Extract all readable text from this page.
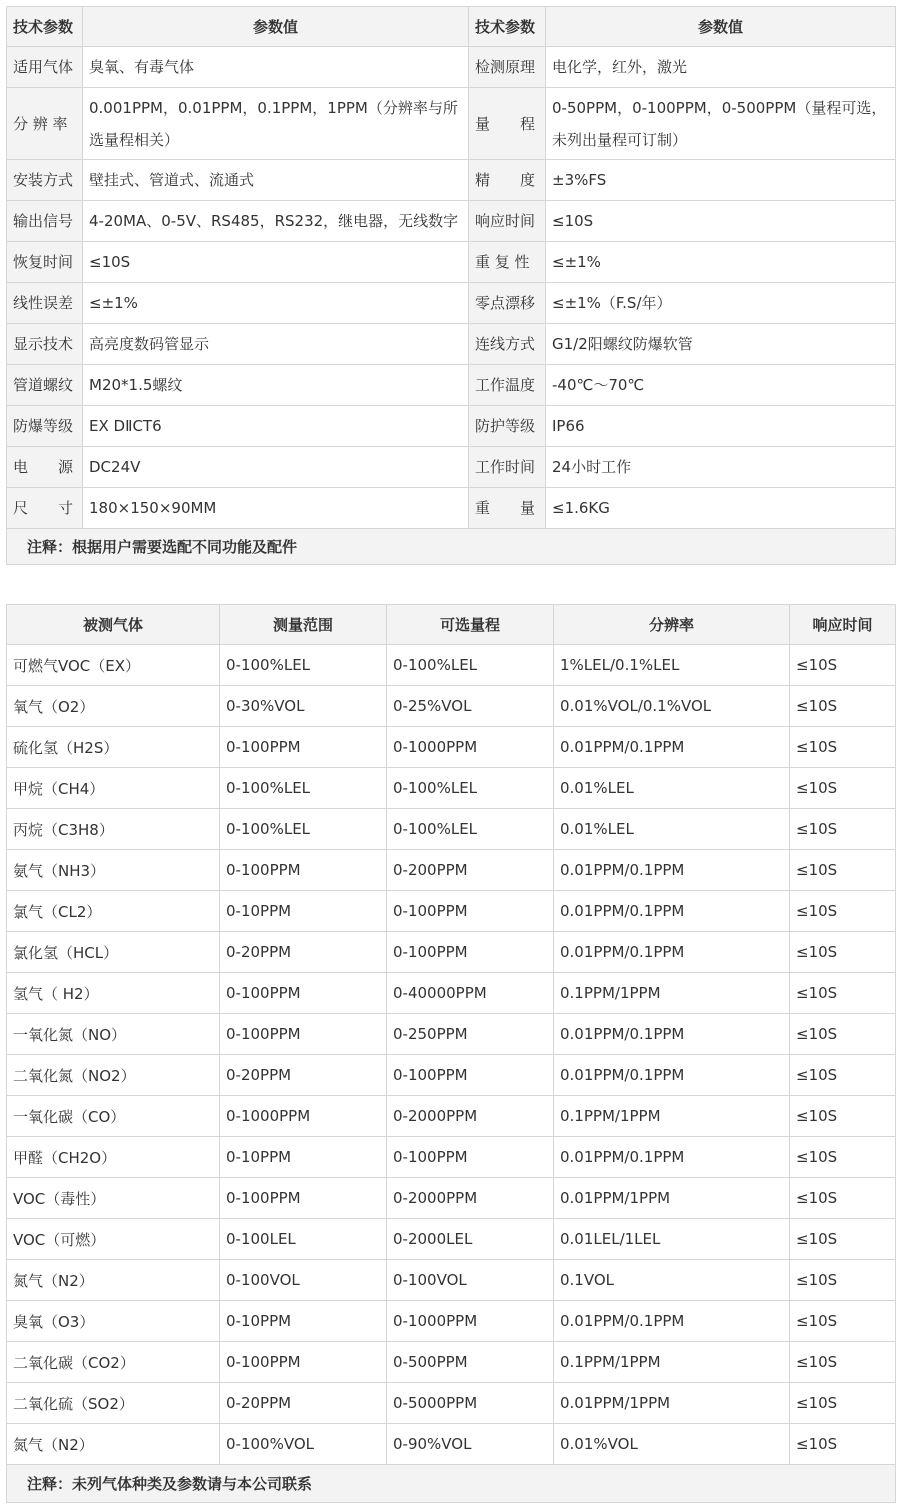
技术参数	参数值	技术参数	参数值
适用气体	臭氧、有毒气体	检测原理	电化学，红外，激光
分 辨 率	0.001PPM，0.01PPM，0.1PPM，1PPM（分辨率与所选量程相关）	量　　程	0-50PPM，0-100PPM，0-500PPM（量程可选，未列出量程可订制）
安装方式	壁挂式、管道式、流通式	精　　度	±3%FS
输出信号	4-20MA、0-5V、RS485，RS232，继电器，无线数字	响应时间	≤10S
恢复时间	≤10S	重 复 性	≤±1%
线性误差	≤±1%	零点漂移	≤±1%（F.S/年）
显示技术	高亮度数码管显示	连线方式	G1/2阳螺纹防爆软管
管道螺纹	M20*1.5螺纹	工作温度	-40℃～70℃
防爆等级	EX DⅡCT6	防护等级	IP66
电　　源	DC24V	工作时间	24小时工作
尺　　寸	180×150×90MM	重　　量	≤1.6KG
注释：根据用户需要选配不同功能及配件			
被测气体	测量范围	可选量程	分辨率	响应时间
可燃气VOC（EX）	0-100%LEL	0-100%LEL	1%LEL/0.1%LEL	≤10S
氧气（O2）	0-30%VOL	0-25%VOL	0.01%VOL/0.1%VOL	≤10S
硫化氢（H2S）	0-100PPM	0-1000PPM	0.01PPM/0.1PPM	≤10S
甲烷（CH4）	0-100%LEL	0-100%LEL	0.01%LEL	≤10S
丙烷（C3H8）	0-100%LEL	0-100%LEL	0.01%LEL	≤10S
氨气（NH3）	0-100PPM	0-200PPM	0.01PPM/0.1PPM	≤10S
氯气（CL2）	0-10PPM	0-100PPM	0.01PPM/0.1PPM	≤10S
氯化氢（HCL）	0-20PPM	0-100PPM	0.01PPM/0.1PPM	≤10S
氢气（ H2）	0-100PPM	0-40000PPM	0.1PPM/1PPM	≤10S
一氧化氮（NO）	0-100PPM	0-250PPM	0.01PPM/0.1PPM	≤10S
二氧化氮（NO2）	0-20PPM	0-100PPM	0.01PPM/0.1PPM	≤10S
一氧化碳（CO）	0-1000PPM	0-2000PPM	0.1PPM/1PPM	≤10S
甲醛（CH2O）	0-10PPM	0-100PPM	0.01PPM/0.1PPM	≤10S
VOC（毒性）	0-100PPM	0-2000PPM	0.01PPM/1PPM	≤10S
VOC（可燃）	0-100LEL	0-2000LEL	0.01LEL/1LEL	≤10S
氮气（N2）	0-100VOL	0-100VOL	0.1VOL	≤10S
臭氧（O3）	0-10PPM	0-1000PPM	0.01PPM/0.1PPM	≤10S
二氧化碳（CO2）	0-100PPM	0-500PPM	0.1PPM/1PPM	≤10S
二氧化硫（SO2）	0-20PPM	0-5000PPM	0.01PPM/1PPM	≤10S
氮气（N2）	0-100%VOL	0-90%VOL	0.01%VOL	≤10S
注释：未列气体种类及参数请与本公司联系				
